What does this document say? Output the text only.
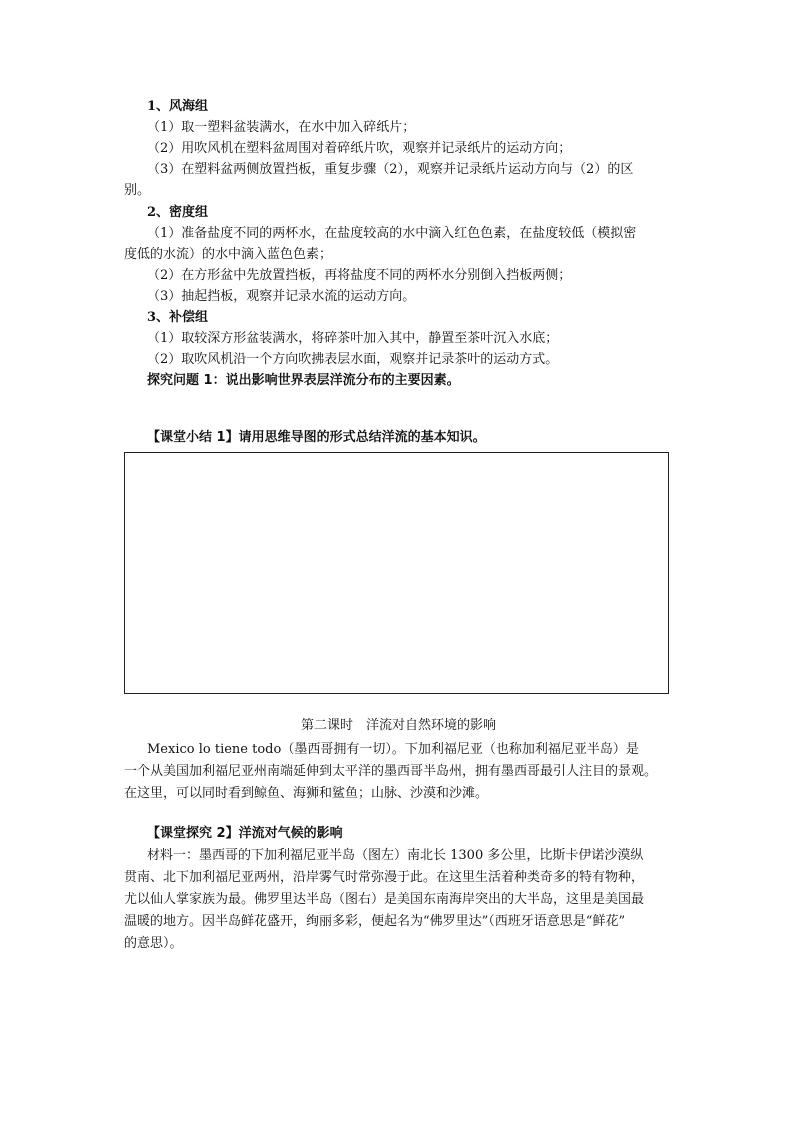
1、风海组
（1）取一塑料盆装满水，在水中加入碎纸片；
（2）用吹风机在塑料盆周围对着碎纸片吹，观察并记录纸片的运动方向；
（3）在塑料盆两侧放置挡板，重复步骤（2），观察并记录纸片运动方向与（2）的区
别。
2、密度组
（1）准备盐度不同的两杯水，在盐度较高的水中滴入红色色素，在盐度较低（模拟密
度低的水流）的水中滴入蓝色色素；
（2）在方形盆中先放置挡板，再将盐度不同的两杯水分别倒入挡板两侧；
（3）抽起挡板，观察并记录水流的运动方向。
3、补偿组
（1）取较深方形盆装满水，将碎茶叶加入其中，静置至茶叶沉入水底；
（2）取吹风机沿一个方向吹拂表层水面，观察并记录茶叶的运动方式。
探究问题 1：说出影响世界表层洋流分布的主要因素。
【课堂小结 1】请用思维导图的形式总结洋流的基本知识。
第二课时　洋流对自然环境的影响
Mexico lo tiene todo（墨西哥拥有一切）。下加利福尼亚（也称加利福尼亚半岛）是
一个从美国加利福尼亚州南端延伸到太平洋的墨西哥半岛州，拥有墨西哥最引人注目的景观。
在这里，可以同时看到鲸鱼、海狮和鲨鱼；山脉、沙漠和沙滩。
【课堂探究 2】洋流对气候的影响
材料一：墨西哥的下加利福尼亚半岛（图左）南北长 1300 多公里，比斯卡伊诺沙漠纵
贯南、北下加利福尼亚两州，沿岸雾气时常弥漫于此。在这里生活着种类奇多的特有物种，
尤以仙人掌家族为最。佛罗里达半岛（图右）是美国东南海岸突出的大半岛，这里是美国最
温暖的地方。因半岛鲜花盛开，绚丽多彩，便起名为“佛罗里达”（西班牙语意思是“鲜花”
的意思）。
